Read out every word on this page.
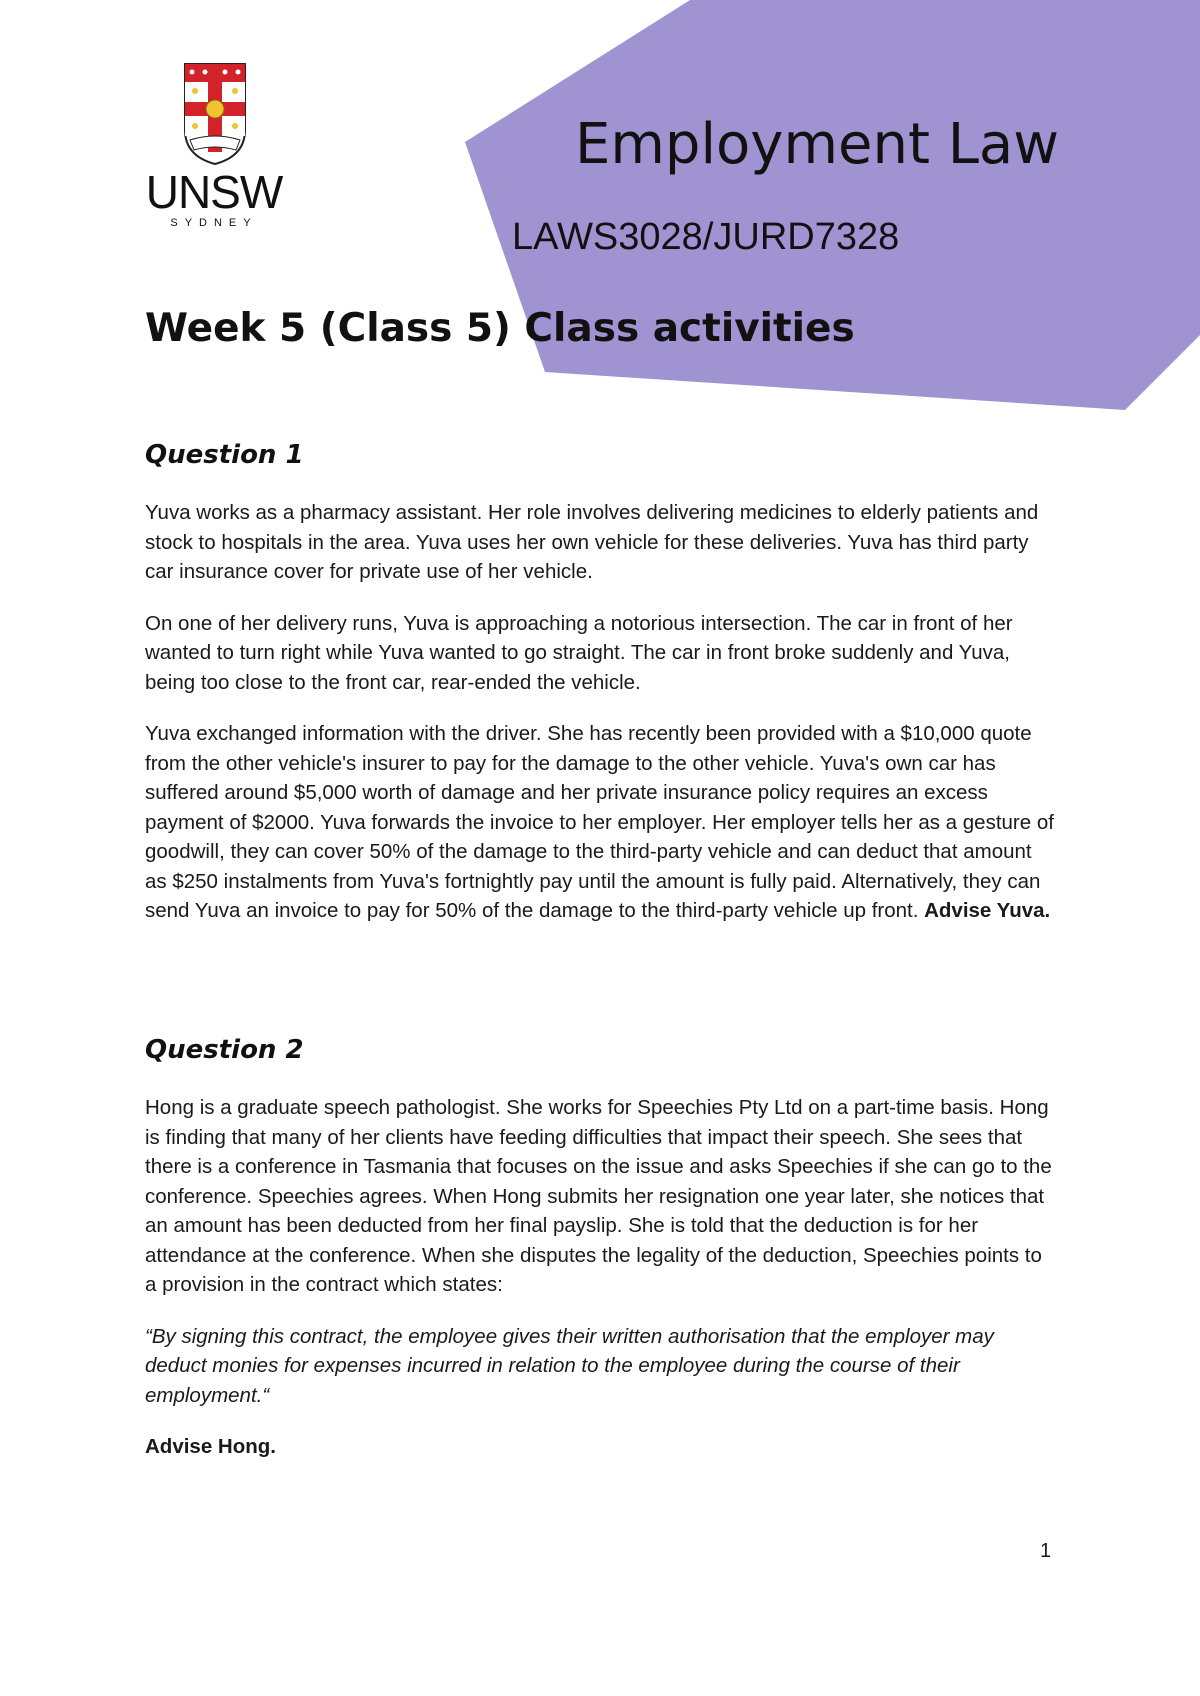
UNSW
SYDNEY
Employment Law
LAWS3028/JURD7328
Week 5 (Class 5) Class activities
Question 1

Yuva works as a pharmacy assistant. Her role involves delivering medicines to elderly patients and stock to hospitals in the area. Yuva uses her own vehicle for these deliveries. Yuva has third party car insurance cover for private use of her vehicle.

On one of her delivery runs, Yuva is approaching a notorious intersection. The car in front of her wanted to turn right while Yuva wanted to go straight. The car in front broke suddenly and Yuva, being too close to the front car, rear-ended the vehicle.

Yuva exchanged information with the driver. She has recently been provided with a $10,000 quote from the other vehicle's insurer to pay for the damage to the other vehicle. Yuva's own car has suffered around $5,000 worth of damage and her private insurance policy requires an excess payment of $2000. Yuva forwards the invoice to her employer. Her employer tells her as a gesture of goodwill, they can cover 50% of the damage to the third-party vehicle and can deduct that amount as $250 instalments from Yuva's fortnightly pay until the amount is fully paid. Alternatively, they can send Yuva an invoice to pay for 50% of the damage to the third-party vehicle up front. Advise Yuva.

Question 2

Hong is a graduate speech pathologist. She works for Speechies Pty Ltd on a part-time basis. Hong is finding that many of her clients have feeding difficulties that impact their speech. She sees that there is a conference in Tasmania that focuses on the issue and asks Speechies if she can go to the conference. Speechies agrees. When Hong submits her resignation one year later, she notices that an amount has been deducted from her final payslip. She is told that the deduction is for her attendance at the conference. When she disputes the legality of the deduction, Speechies points to a provision in the contract which states:

“By signing this contract, the employee gives their written authorisation that the employer may deduct monies for expenses incurred in relation to the employee during the course of their employment.“

Advise Hong.

1
